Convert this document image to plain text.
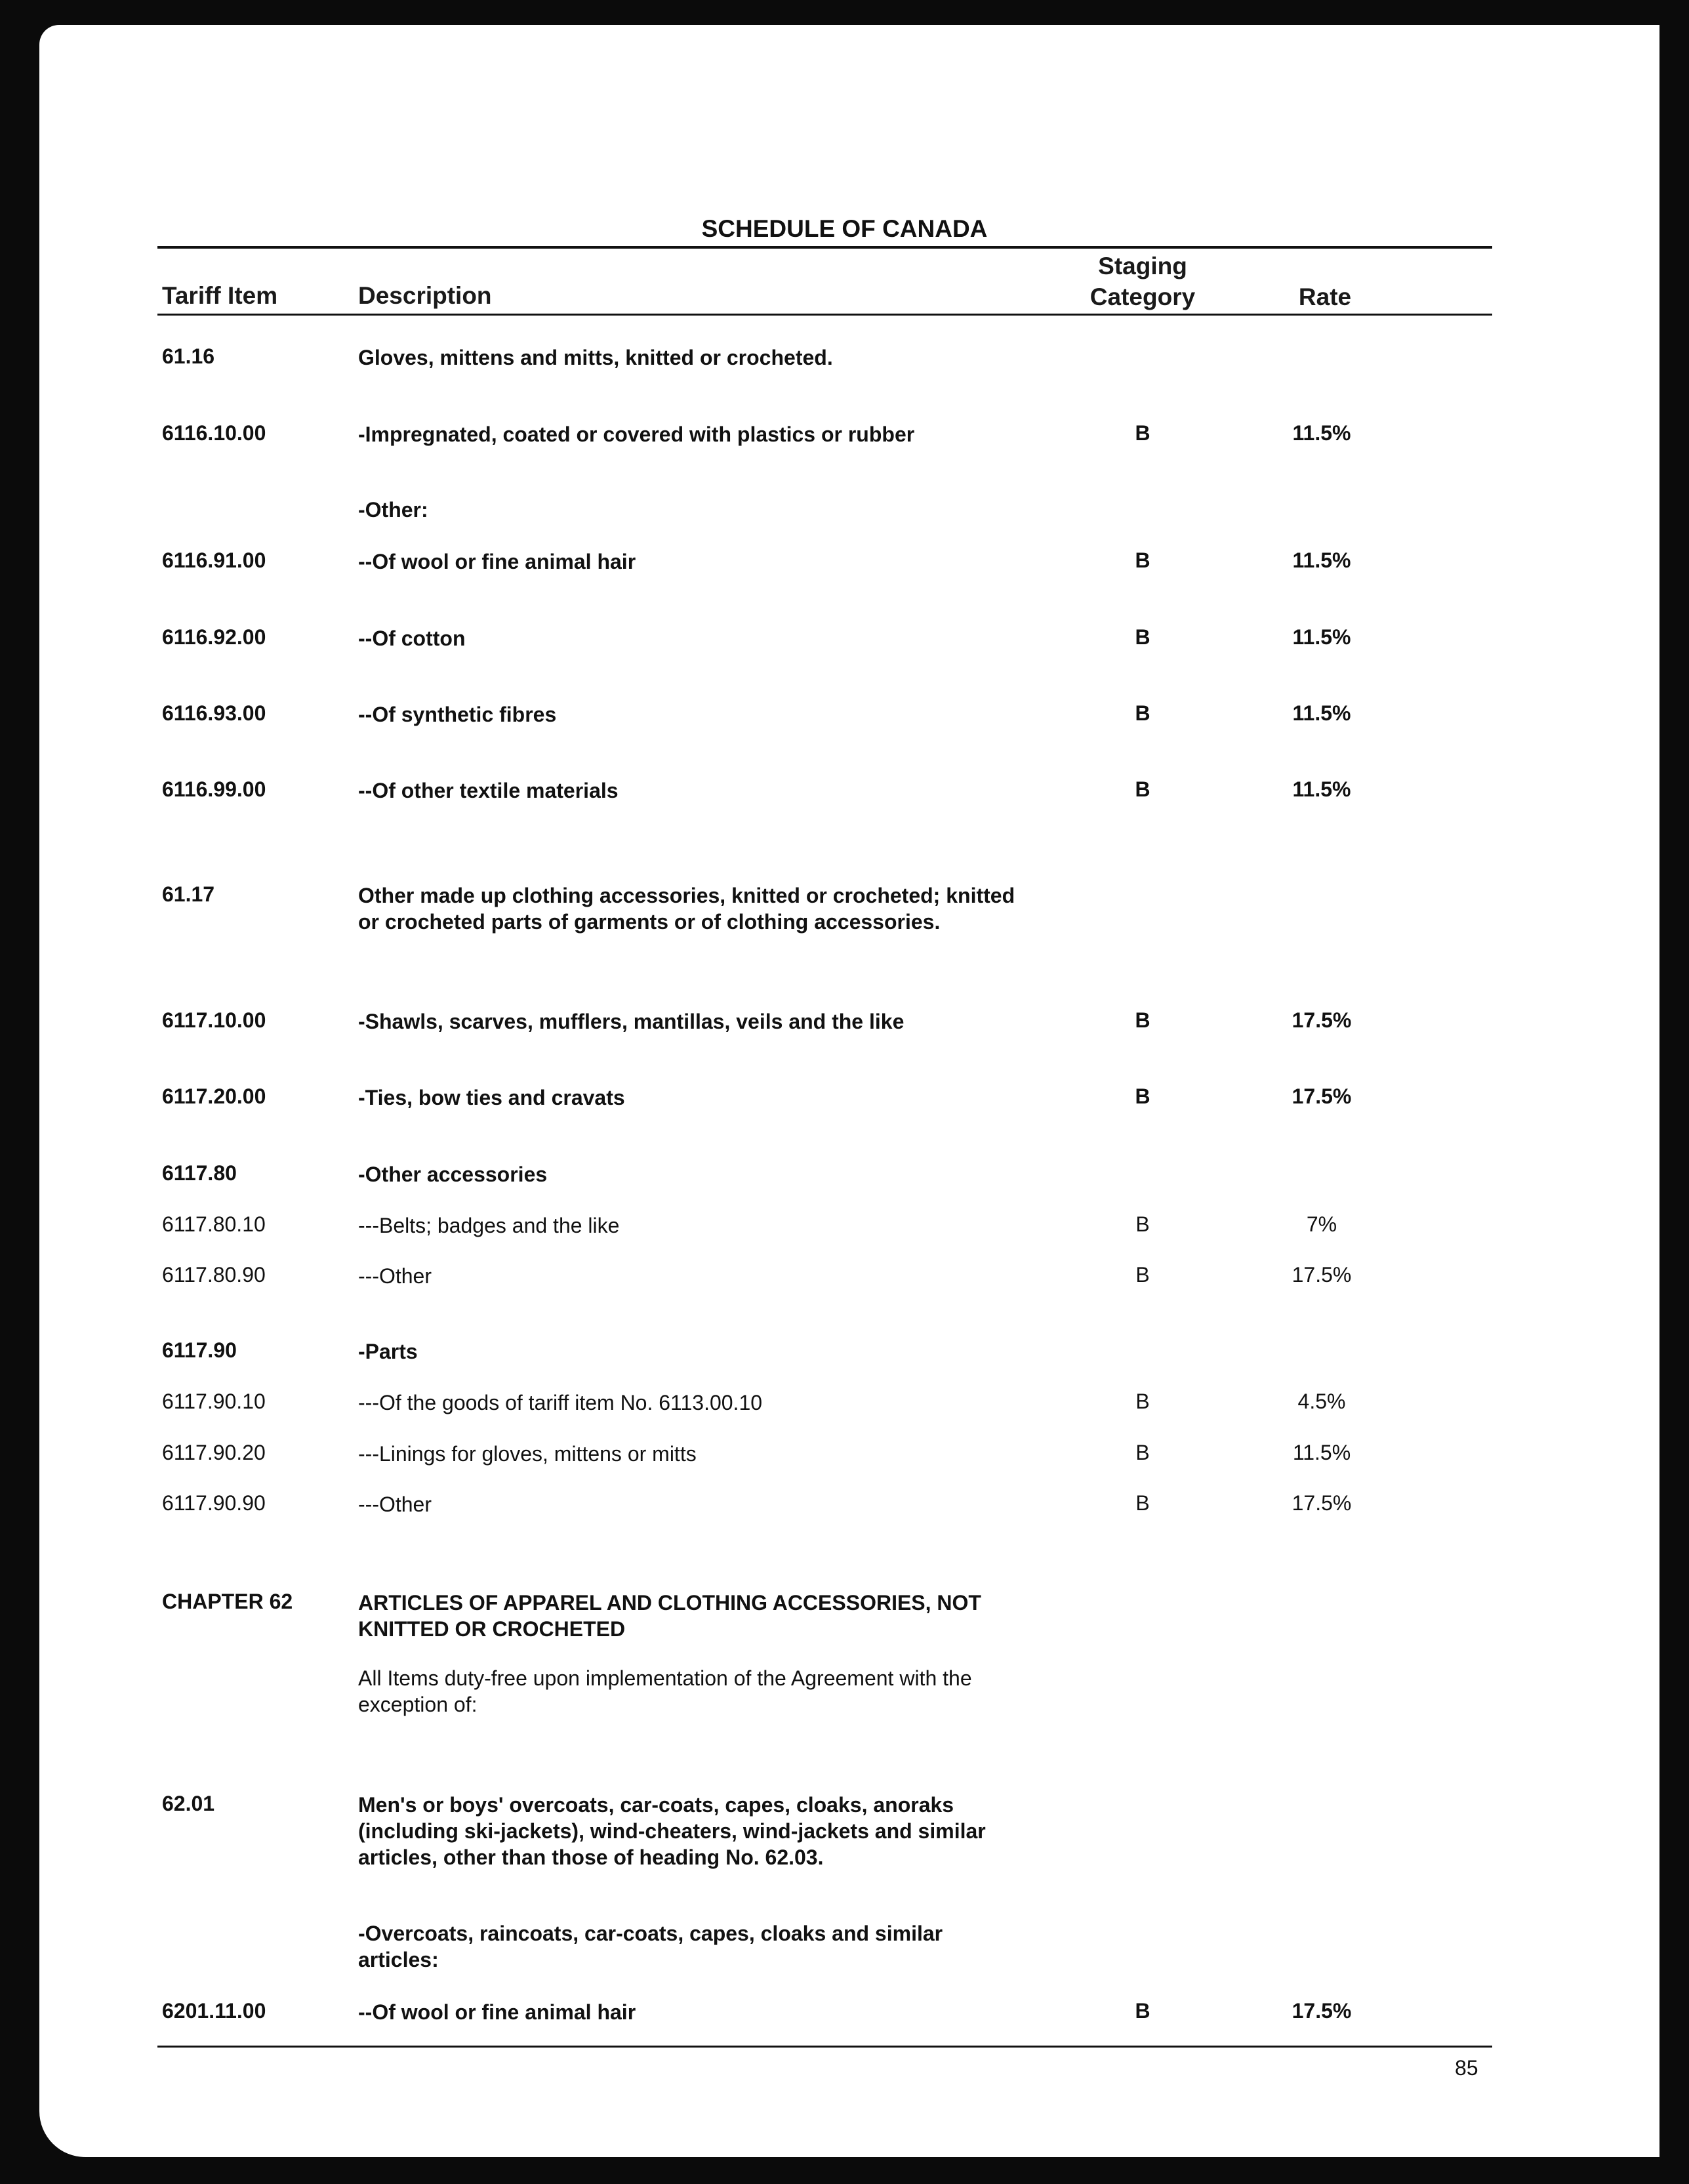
SCHEDULE OF CANADA
Tariff Item	Description
Staging
Category	Rate
61.16	Gloves, mittens and mitts, knitted or crocheted.
6116.10.00	-Impregnated, coated or covered with plastics or rubber	B	11.5%
-Other:
6116.91.00	--Of wool or fine animal hair	B	11.5%
6116.92.00	--Of cotton	B	11.5%
6116.93.00	--Of synthetic fibres	B	11.5%
6116.99.00	--Of other textile materials	B	11.5%
61.17	Other made up clothing accessories, knitted or crocheted; knitted or crocheted parts of garments or of clothing accessories.
6117.10.00	-Shawls, scarves, mufflers, mantillas, veils and the like	B	17.5%
6117.20.00	-Ties, bow ties and cravats	B	17.5%
6117.80	-Other accessories
6117.80.10	---Belts; badges and the like	B	7%
6117.80.90	---Other	B	17.5%
6117.90	-Parts
6117.90.10	---Of the goods of tariff item No. 6113.00.10	B	4.5%
6117.90.20	---Linings for gloves, mittens or mitts	B	11.5%
6117.90.90	---Other	B	17.5%
CHAPTER 62	ARTICLES OF APPAREL AND CLOTHING ACCESSORIES, NOT KNITTED OR CROCHETED
62.01	Men's or boys' overcoats, car-coats, capes, cloaks, anoraks (including ski-jackets), wind-cheaters, wind-jackets and similar articles, other than those of heading No. 62.03.
-Overcoats, raincoats, car-coats, capes, cloaks and similar articles:
6201.11.00	--Of wool or fine animal hair	B	17.5%
All Items duty-free upon implementation of the Agreement with the exception of:
85
